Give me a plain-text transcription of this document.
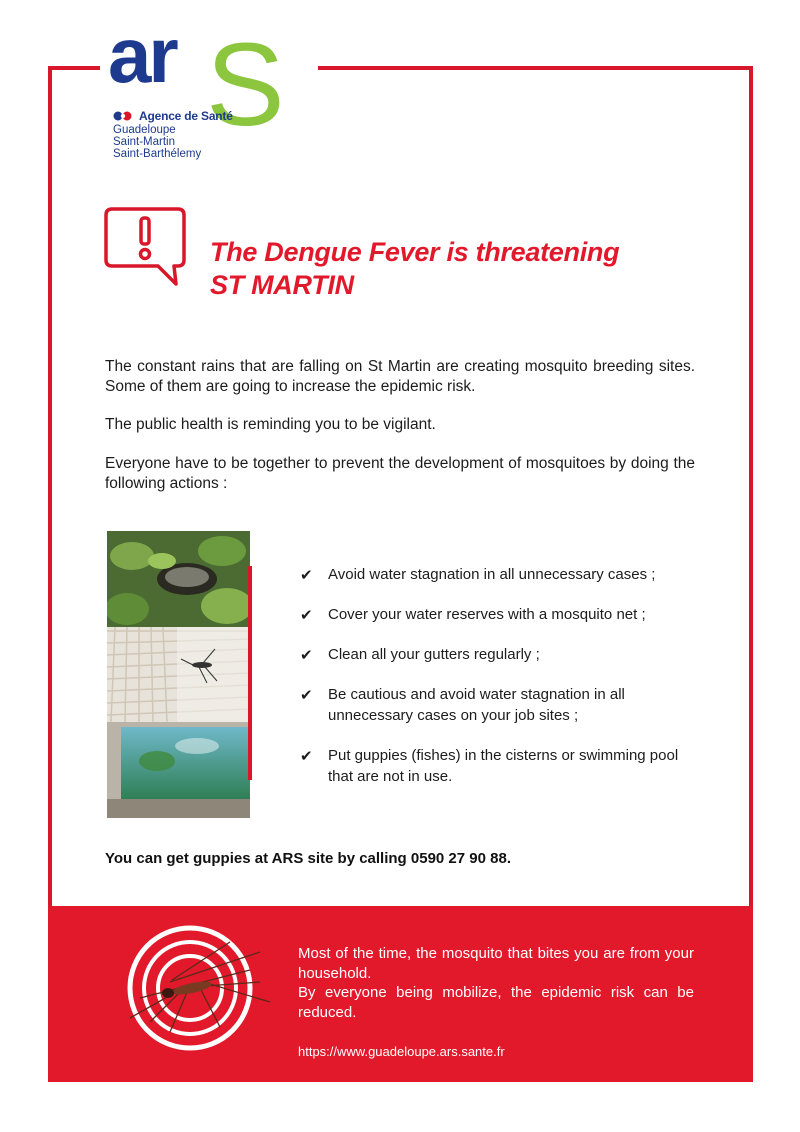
ar S
Agence de Santé
Guadeloupe
Saint-Martin
Saint-Barthélemy
The Dengue Fever is threatening
ST MARTIN

The constant rains that are falling on St Martin are creating mosquito breeding sites. Some of them are going to increase the epidemic risk.

The public health is reminding you to be vigilant.

Everyone have to be together to prevent the development of mosquitoes by doing the following actions :

✔ Avoid water stagnation in all unnecessary cases ;
✔ Cover your water reserves with a mosquito net ;
✔ Clean all your gutters regularly ;
✔ Be cautious and avoid water stagnation in all unnecessary cases on your job sites ;
✔ Put guppies (fishes) in the cisterns or swimming pool that are not in use.
You can get guppies at ARS site by calling 0590 27 90 88.
Most of the time, the mosquito that bites you are from your household.
By everyone being mobilize, the epidemic risk can be reduced.
https://www.guadeloupe.ars.sante.fr
